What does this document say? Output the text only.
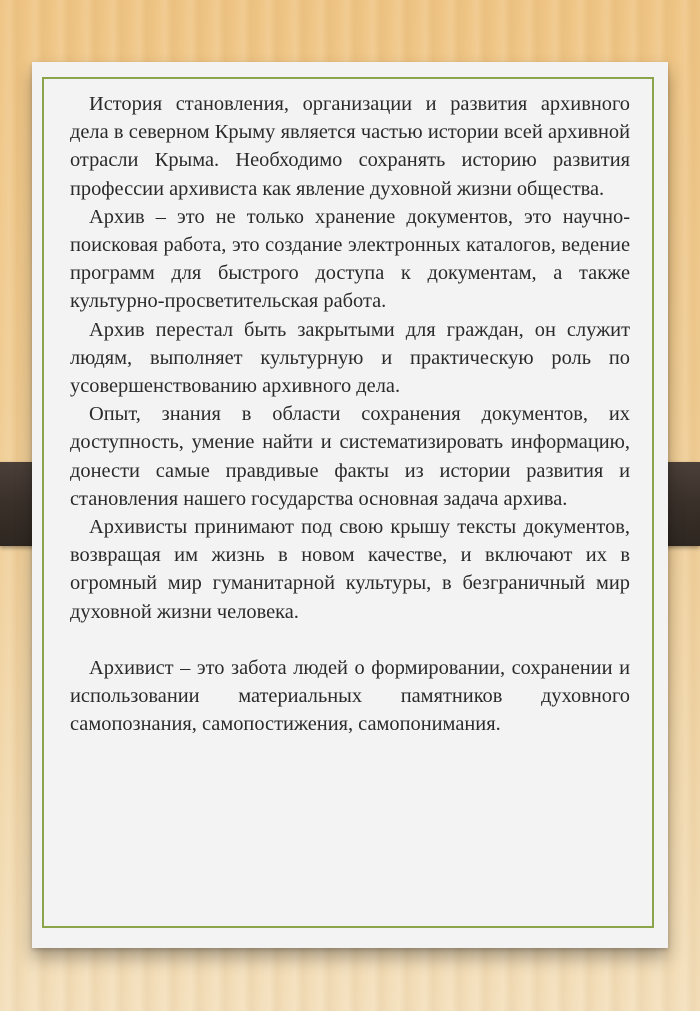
История становления, организации и развития архивного дела в северном Крыму является частью истории всей архивной отрасли Крыма. Необходимо сохранять историю развития профессии архивиста как явление духовной жизни общества.

Архив – это не только хранение документов, это научно-поисковая работа, это создание электронных каталогов, ведение программ для быстрого доступа к документам, а также культурно-просветительская работа.

Архив перестал быть закрытыми для граждан, он служит людям, выполняет культурную и практическую роль по усовершенствованию архивного дела.

Опыт, знания в области сохранения документов, их доступность, умение найти и систематизировать информацию, донести самые правдивые факты из истории развития и становления нашего государства основная задача архива.

Архивисты принимают под свою крышу тексты документов, возвращая им жизнь в новом качестве, и включают их в огромный мир гуманитарной культуры, в безграничный мир духовной жизни человека.

Архивист – это забота людей о формировании, сохранении и использовании материальных памятников духовного самопознания, самопостижения, самопонимания.
